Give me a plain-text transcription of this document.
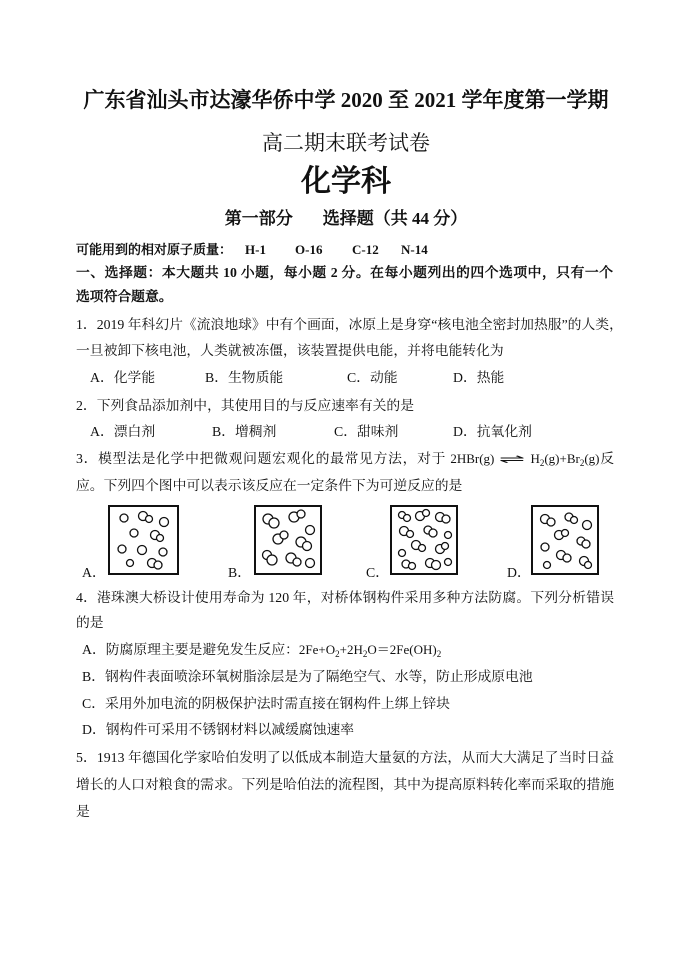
广东省汕头市达濠华侨中学 2020 至 2021 学年度第一学期
高二期末联考试卷
化学科
第一部分 选择题（共 44 分）
可能用到的相对原子质量： H-1 O-16 C-12 N-14
一、选择题：本大题共 10 小题，每小题 2 分。在每小题列出的四个选项中，只有一个
选项符合题意。
1．2019 年科幻片《流浪地球》中有个画面，冰原上是身穿“核电池全密封加热服”的人类，
一旦被卸下核电池，人类就被冻僵，该装置提供电能，并将电能转化为
A．化学能	B．生物质能	C．动能	D．热能
2．下列食品添加剂中，其使用目的与反应速率有关的是
A．漂白剂	B．增稠剂	C．甜味剂	D．抗氧化剂
3．模型法是化学中把微观问题宏观化的最常见方法，对于 2HBr(g) ⇌ $H_2(g)+Br_2(g)$反
应。下列四个图中可以表示该反应在一定条件下为可逆反应的是
A．	B．	C．	D．
4．港珠澳大桥设计使用寿命为 120 年，对桥体钢构件采用多种方法防腐。下列分析错误
的是
A．防腐原理主要是避免发生反应：$2Fe+O_2+2H_2O=2Fe(OH)_2$
B．钢构件表面喷涂环氧树脂涂层是为了隔绝空气、水等，防止形成原电池
C．采用外加电流的阴极保护法时需直接在钢构件上绑上锌块
D．钢构件可采用不锈钢材料以减缓腐蚀速率
5．1913 年德国化学家哈伯发明了以低成本制造大量氨的方法，从而大大满足了当时日益
增长的人口对粮食的需求。下列是哈伯法的流程图，其中为提高原料转化率而采取的措施
是
